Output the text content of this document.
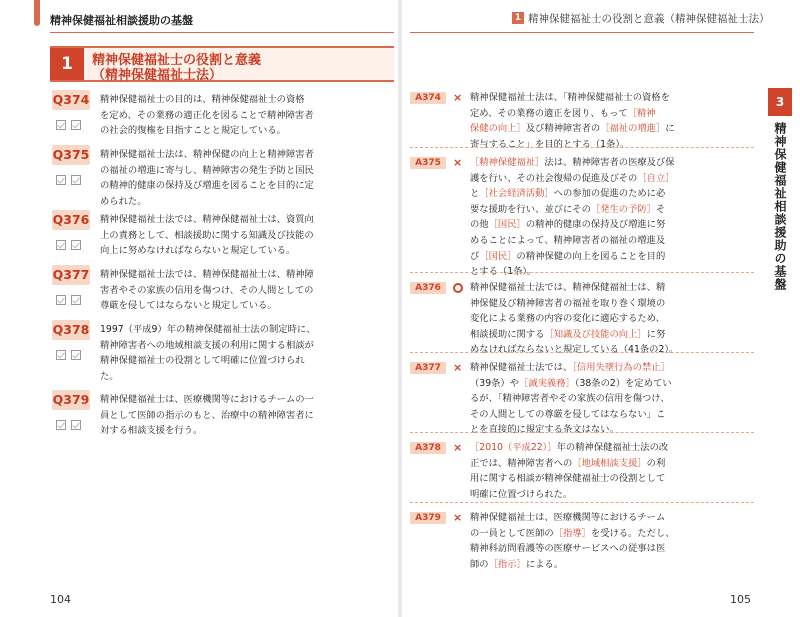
精神保健福祉相談援助の基盤
1	精神保健福祉士の役割と意義
（精神保健福祉士法）
Q374 精神保健福祉士の目的は、精神保健福祉士の資格
を定め、その業務の適正化を図ることで精神障害者
の社会的復権を目指すことと規定している。
Q375 精神保健福祉士法は、精神保健の向上と精神障害者
の福祉の増進に寄与し、精神障害の発生予防と国民
の精神的健康の保持及び増進を図ることを目的に定
められた。
Q376 精神保健福祉士法では、精神保健福祉士は、資質向
上の責務として、相談援助に関する知識及び技能の
向上に努めなければならないと規定している。
Q377 精神保健福祉士法では、精神保健福祉士は、精神障
害者やその家族の信用を傷つけ、その人間としての
尊厳を侵してはならないと規定している。
Q378 1997（平成9）年の精神保健福祉士法の制定時に、
精神障害者への地域相談支援の利用に関する相談が
精神保健福祉士の役割として明確に位置づけられ
た。
Q379 精神保健福祉士は、医療機関等におけるチームの一
員として医師の指示のもと、治療中の精神障害者に
対する相談支援を行う。
104
1 精神保健福祉士の役割と意義（精神保健福祉士法）
A374	× 精神保健福祉士法は、「精神保健福祉士の資格を
定め、その業務の適正を図り、もって［精神
保健の向上］及び精神障害者の［福祉の増進］に
寄与すること」を目的とする（1条）。
A375	× ［精神保健福祉］法は、精神障害者の医療及び保
護を行い、その社会復帰の促進及びその［自立］
と［社会経済活動］への参加の促進のために必
要な援助を行い、並びにその［発生の予防］そ
の他［国民］の精神的健康の保持及び増進に努
めることによって、精神障害者の福祉の増進及
び［国民］の精神保健の向上を図ることを目的
とする（1条）。
A376	精神保健福祉士法では、精神保健福祉士は、精
神保健及び精神障害者の福祉を取り巻く環境の
変化による業務の内容の変化に適応するため、
相談援助に関する［知識及び技能の向上］に努
めなければならないと規定している（41条の2）。
A377	× 精神保健福祉士法では、［信用失墜行為の禁止］
（39条）や［誠実義務］（38条の2）を定めてい
るが、「精神障害者やその家族の信用を傷つけ、
その人間としての尊厳を侵してはならない」こ
とを直接的に規定する条文はない。
A378	× ［2010（平成22）］年の精神保健福祉士法の改
正では、精神障害者への［地域相談支援］の利
用に関する相談が精神保健福祉士の役割として
明確に位置づけられた。
A379	× 精神保健福祉士は、医療機関等におけるチーム
の一員として医師の［指導］を受ける。ただし、
精神科訪問看護等の医療サービスへの従事は医
師の［指示］による。
3
精神保健福祉相談援助の基盤
105
